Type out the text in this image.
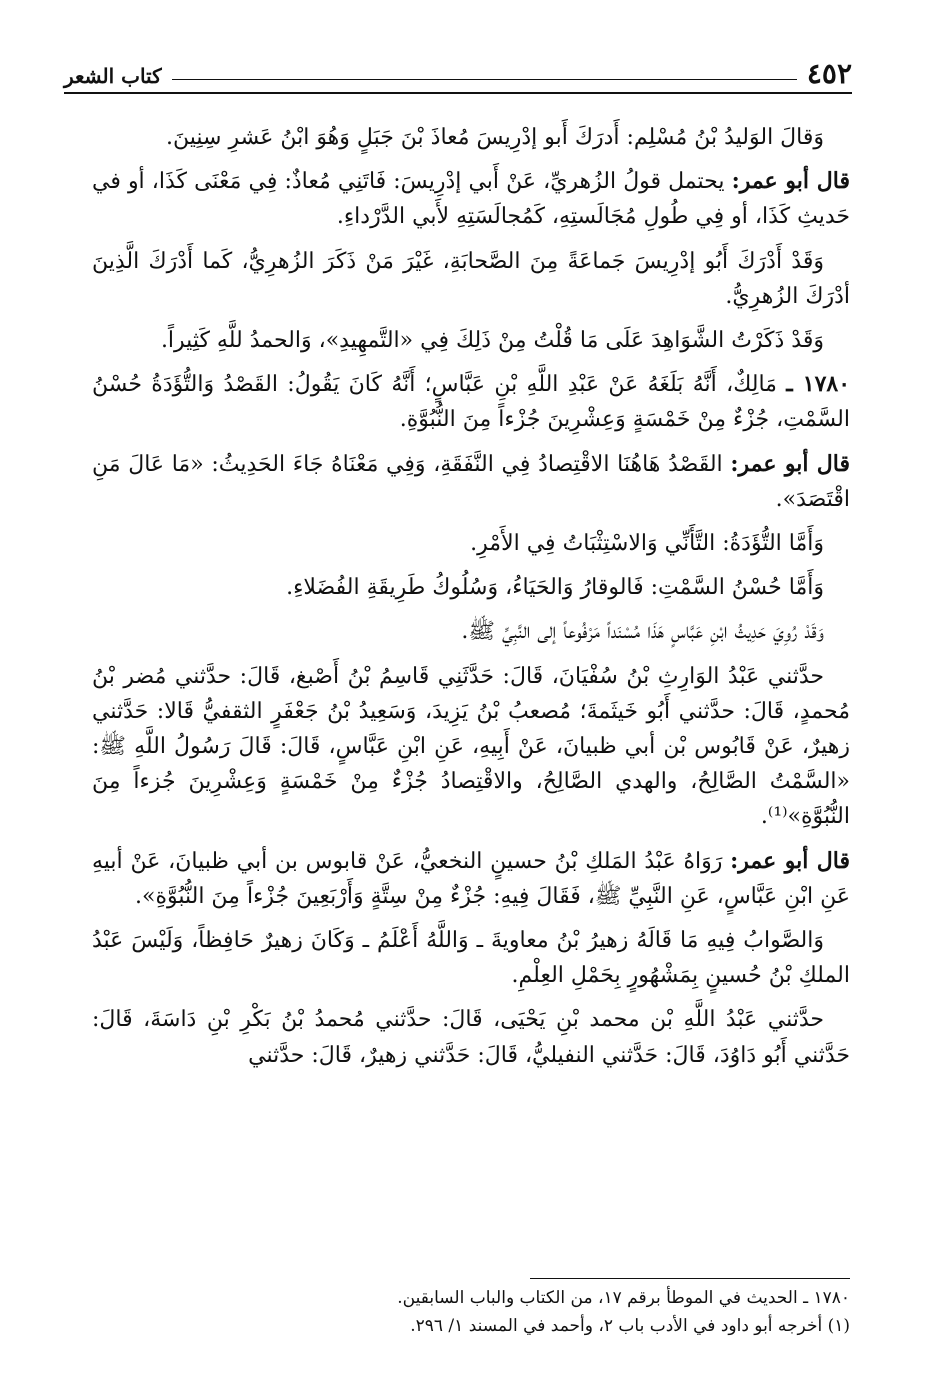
٤٥٢
كتاب الشعر

وَقالَ الوَليدُ بْنُ مُسْلِم: أَدرَكَ أَبو إدْرِيسَ مُعاذَ بْنَ جَبَلٍ وَهُوَ ابْنُ عَشرِ سِنِينَ.

قال أبو عمر: يحتمل قولُ الزُهريِّ، عَنْ أَبي إدْرِيسَ: فَاتَنِي مُعاذٌ: فِي مَعْنَى كَذَا، أو في حَديثِ كَذَا، أو فِي طُولِ مُجَالَستِهِ، كَمُجالَسَتِهِ لأَبي الدَّرْداءِ.

وَقَدْ أَدْرَكَ أَبُو إدْرِيسَ جَماعَةً مِنَ الصَّحابَةِ، غَيْرَ مَنْ ذَكَرَ الزُهرِيُّ، كَما أَدْرَكَ الَّذِينَ أدْرَكَ الزُهرِيُّ.

وَقَدْ ذَكَرْتُ الشَّوَاهِدَ عَلَى مَا قُلْتُ مِنْ ذَلِكَ فِي «التَّمهِيدِ»، وَالحمدُ للَّهِ كَثِيراً.

١٧٨٠ ـ مَالِكٌ، أَنَّهُ بَلَغَهُ عَنْ عَبْدِ اللَّهِ بْنِ عَبَّاسٍ؛ أَنَّهُ كَانَ يَقُولُ: القَصْدُ وَالتُّؤَدَةُ حُسْنُ السَّمْتِ، جُزْءٌ مِنْ خَمْسَةٍ وَعِشْرِينَ جُزْءاً مِنَ النُّبُوَّةِ.

قال أبو عمر: القَصْدُ هَاهُنَا الاقْتِصادُ فِي النَّفَقَةِ، وَفِي مَعْنَاهُ جَاءَ الحَدِيثُ: «مَا عَالَ مَنِ اقْتَصَدَ».

وَأَمَّا التُّؤَدَةُ: التَّأَنِّي وَالاسْتِثْبَاتُ فِي الأَمْرِ.

وَأَمَّا حُسْنُ السَّمْتِ: فَالوقارُ وَالحَيَاءُ، وَسُلُوكُ طَرِيقَةِ الفُضَلاءِ.

وَقَدْ رُوِيَ حَدِيثُ ابْنِ عَبَّاسٍ هَذَا مُسْنَداً مَرْفُوعاً إلى النَّبِيِّ ﷺ.

حدَّثني عَبْدُ الوَارِثِ بْنُ سُفْيَانَ، قَالَ: حَدَّثَنِي قَاسِمُ بْنُ أَصْبغ، قَالَ: حدَّثني مُضر بْنُ مُحمدٍ، قَالَ: حدَّثني أَبُو خَيثَمةَ؛ مُصعبُ بْنُ يَزِيدَ، وَسَعِيدُ بْنُ جَعْفَرٍ الثقفيُّ قَالا: حَدَّثني زهيرٌ، عَنْ قَابُوس بْن أبي ظبيانَ، عَنْ أَبِيهِ، عَنِ ابْنِ عَبَّاسٍ، قَالَ: قَالَ رَسُولُ اللَّهِ ﷺ: «السَّمْتُ الصَّالِحُ، والهدي الصَّالِحُ، والاقْتِصادُ جُزْءٌ مِنْ خَمْسَةٍ وَعِشْرِينَ جُزءاً مِنَ النُّبُوَّةِ»⁽¹⁾.

قال أبو عمر: رَوَاهُ عَبْدُ المَلكِ بْنُ حسينٍ النخعيُّ، عَنْ قابوس بن أبي ظبيانَ، عَنْ أبيهِ عَنِ ابْنِ عَبَّاسٍ، عَنِ النَّبِيِّ ﷺ، فَقَالَ فِيهِ: جُزْءٌ مِنْ سِتَّةٍ وَأَرْبَعِينَ جُزْءاً مِنَ النُّبُوَّةِ».

وَالصَّوابُ فِيهِ مَا قَالَهُ زهيرُ بْنُ معاويةَ ـ وَاللَّهُ أَعْلَمُ ـ وَكَانَ زهيرٌ حَافِظاً، وَلَيْسَ عَبْدُ الملكِ بْنُ حُسينٍ بِمَشْهُورٍ بِحَمْلِ العِلْمِ.

حدَّثني عَبْدُ اللَّهِ بْن محمد بْنِ يَحْيَى، قَالَ: حدَّثني مُحمدُ بْنُ بَكْرِ بْنِ دَاسَةَ، قَالَ: حَدَّثني أَبُو دَاوُدَ، قَالَ: حَدَّثني النفيليُّ، قَالَ: حَدَّثني زهيرٌ، قَالَ: حدَّثني

١٧٨٠ ـ الحديث في الموطأ برقم ١٧، من الكتاب والباب السابقين.

(١) أخرجه أبو داود في الأدب باب ٢، وأحمد في المسند ١/ ٢٩٦.
